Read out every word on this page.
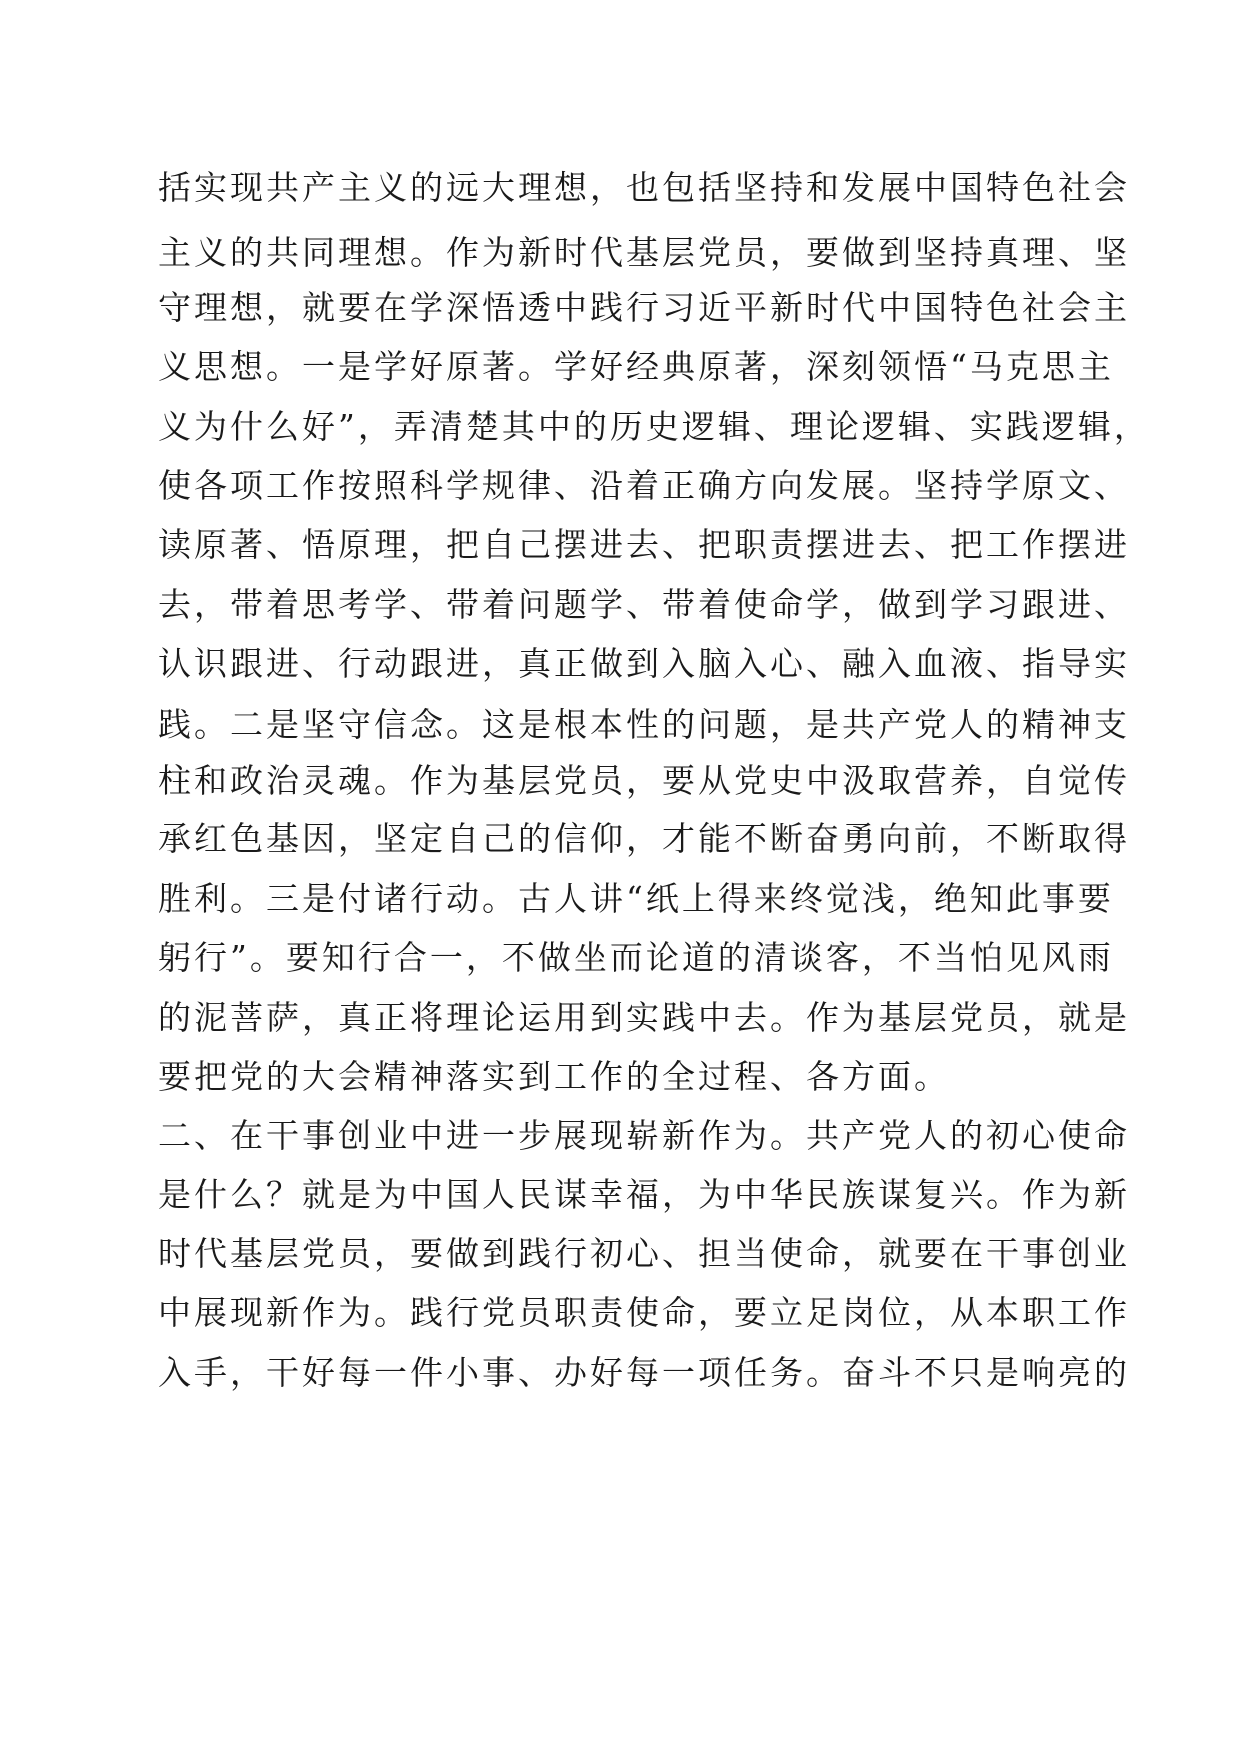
括实现共产主义的远大理想，也包括坚持和发展中国特色社会
主义的共同理想。作为新时代基层党员，要做到坚持真理、坚
守理想，就要在学深悟透中践行习近平新时代中国特色社会主
义思想。一是学好原著。学好经典原著，深刻领悟“马克思主
义为什么好”，弄清楚其中的历史逻辑、理论逻辑、实践逻辑，
使各项工作按照科学规律、沿着正确方向发展。坚持学原文、
读原著、悟原理，把自己摆进去、把职责摆进去、把工作摆进
去，带着思考学、带着问题学、带着使命学，做到学习跟进、
认识跟进、行动跟进，真正做到入脑入心、融入血液、指导实
践。二是坚守信念。这是根本性的问题，是共产党人的精神支
柱和政治灵魂。作为基层党员，要从党史中汲取营养，自觉传
承红色基因，坚定自己的信仰，才能不断奋勇向前，不断取得
胜利。三是付诸行动。古人讲“纸上得来终觉浅，绝知此事要
躬行”。要知行合一，不做坐而论道的清谈客，不当怕见风雨
的泥菩萨，真正将理论运用到实践中去。作为基层党员，就是
要把党的大会精神落实到工作的全过程、各方面。
二、在干事创业中进一步展现崭新作为。共产党人的初心使命
是什么？就是为中国人民谋幸福，为中华民族谋复兴。作为新
时代基层党员，要做到践行初心、担当使命，就要在干事创业
中展现新作为。践行党员职责使命，要立足岗位，从本职工作
入手，干好每一件小事、办好每一项任务。奋斗不只是响亮的
